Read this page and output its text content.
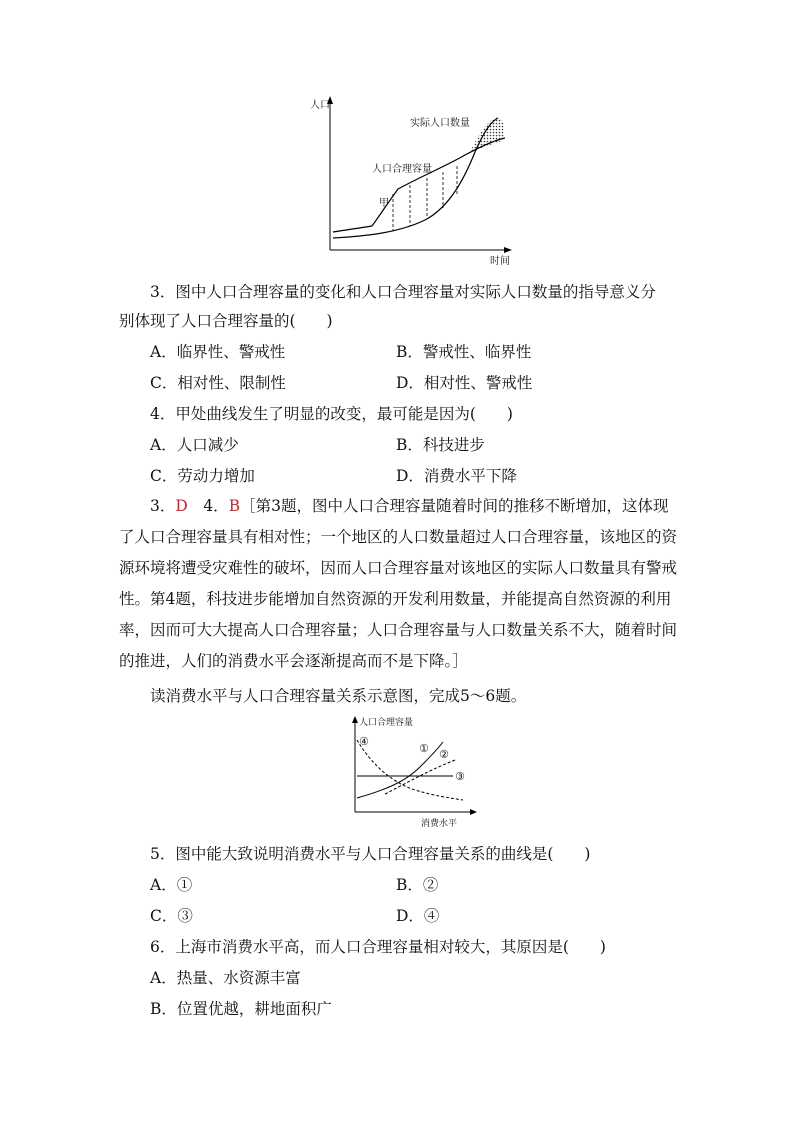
人口
时间
实际人口数量
人口合理容量
甲
3．图中人口合理容量的变化和人口合理容量对实际人口数量的指导意义分
别体现了人口合理容量的(　　)
A．临界性、警戒性	B．警戒性、临界性
C．相对性、限制性	D．相对性、警戒性
4．甲处曲线发生了明显的改变，最可能是因为(　　)
A．人口减少	B．科技进步
C．劳动力增加	D．消费水平下降
3．D　4．B［第3题，图中人口合理容量随着时间的推移不断增加，这体现了人口合理容量具有相对性；一个地区的人口数量超过人口合理容量，该地区的资源环境将遭受灾难性的破坏，因而人口合理容量对该地区的实际人口数量具有警戒性。第4题，科技进步能增加自然资源的开发利用数量，并能提高自然资源的利用率，因而可大大提高人口合理容量；人口合理容量与人口数量关系不大，随着时间的推进，人们的消费水平会逐渐提高而不是下降。］
读消费水平与人口合理容量关系示意图，完成5～6题。
人口合理容量
消费水平
① ②
③
④
5．图中能大致说明消费水平与人口合理容量关系的曲线是(　　)
A．①	B．②
C．③	D．④
6．上海市消费水平高，而人口合理容量相对较大，其原因是(　　)
A．热量、水资源丰富
B．位置优越，耕地面积广
